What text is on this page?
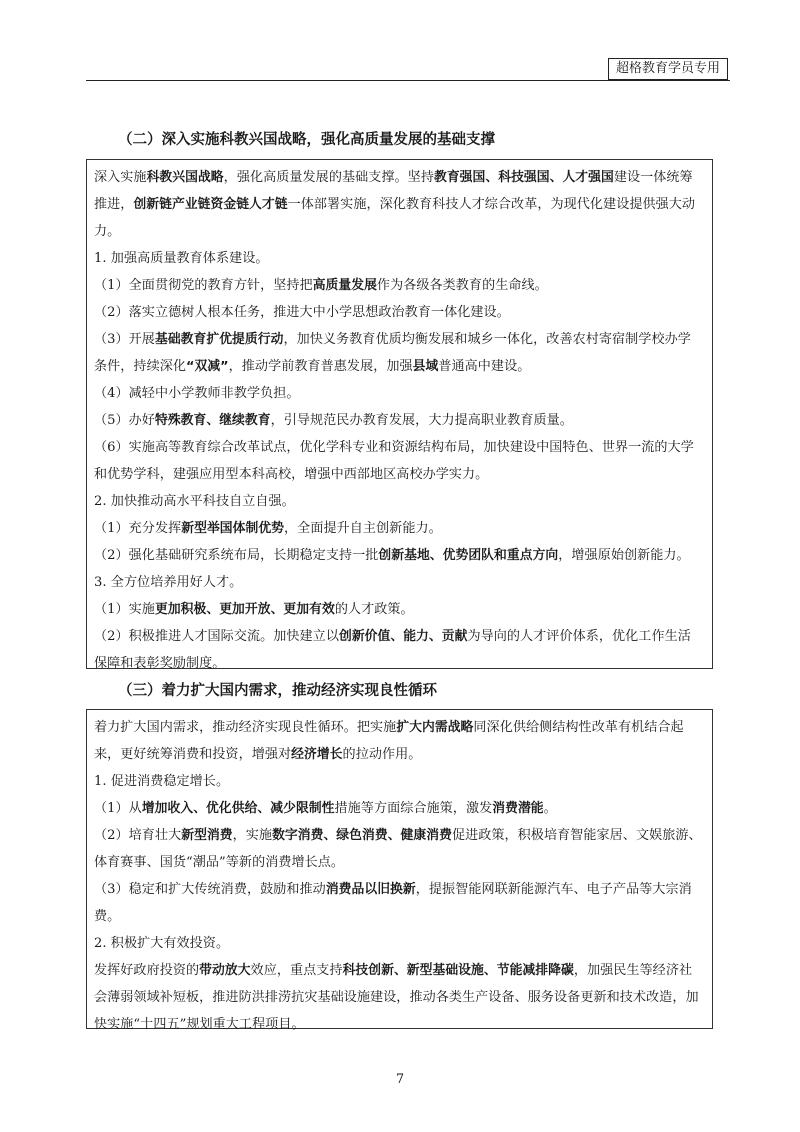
超格教育学员专用
（二）深入实施科教兴国战略，强化高质量发展的基础支撑

深入实施科教兴国战略，强化高质量发展的基础支撑。坚持教育强国、科技强国、人才强国建设一体统筹推进，创新链产业链资金链人才链一体部署实施，深化教育科技人才综合改革，为现代化建设提供强大动力。

1. 加强高质量教育体系建设。

（1）全面贯彻党的教育方针，坚持把高质量发展作为各级各类教育的生命线。

（2）落实立德树人根本任务，推进大中小学思想政治教育一体化建设。

（3）开展基础教育扩优提质行动，加快义务教育优质均衡发展和城乡一体化，改善农村寄宿制学校办学条件，持续深化“双减”，推动学前教育普惠发展，加强县域普通高中建设。

（4）减轻中小学教师非教学负担。

（5）办好特殊教育、继续教育，引导规范民办教育发展，大力提高职业教育质量。

（6）实施高等教育综合改革试点，优化学科专业和资源结构布局，加快建设中国特色、世界一流的大学和优势学科，建强应用型本科高校，增强中西部地区高校办学实力。

2. 加快推动高水平科技自立自强。

（1）充分发挥新型举国体制优势，全面提升自主创新能力。

（2）强化基础研究系统布局，长期稳定支持一批创新基地、优势团队和重点方向，增强原始创新能力。

3. 全方位培养用好人才。

（1）实施更加积极、更加开放、更加有效的人才政策。

（2）积极推进人才国际交流。加快建立以创新价值、能力、贡献为导向的人才评价体系，优化工作生活保障和表彰奖励制度。

（三）着力扩大国内需求，推动经济实现良性循环

着力扩大国内需求，推动经济实现良性循环。把实施扩大内需战略同深化供给侧结构性改革有机结合起来，更好统筹消费和投资，增强对经济增长的拉动作用。

1. 促进消费稳定增长。

（1）从增加收入、优化供给、减少限制性措施等方面综合施策，激发消费潜能。

（2）培育壮大新型消费，实施数字消费、绿色消费、健康消费促进政策，积极培育智能家居、文娱旅游、体育赛事、国货“潮品”等新的消费增长点。

（3）稳定和扩大传统消费，鼓励和推动消费品以旧换新，提振智能网联新能源汽车、电子产品等大宗消费。

2. 积极扩大有效投资。

发挥好政府投资的带动放大效应，重点支持科技创新、新型基础设施、节能减排降碳，加强民生等经济社会薄弱领域补短板，推进防洪排涝抗灾基础设施建设，推动各类生产设备、服务设备更新和技术改造，加快实施“十四五”规划重大工程项目。

7
